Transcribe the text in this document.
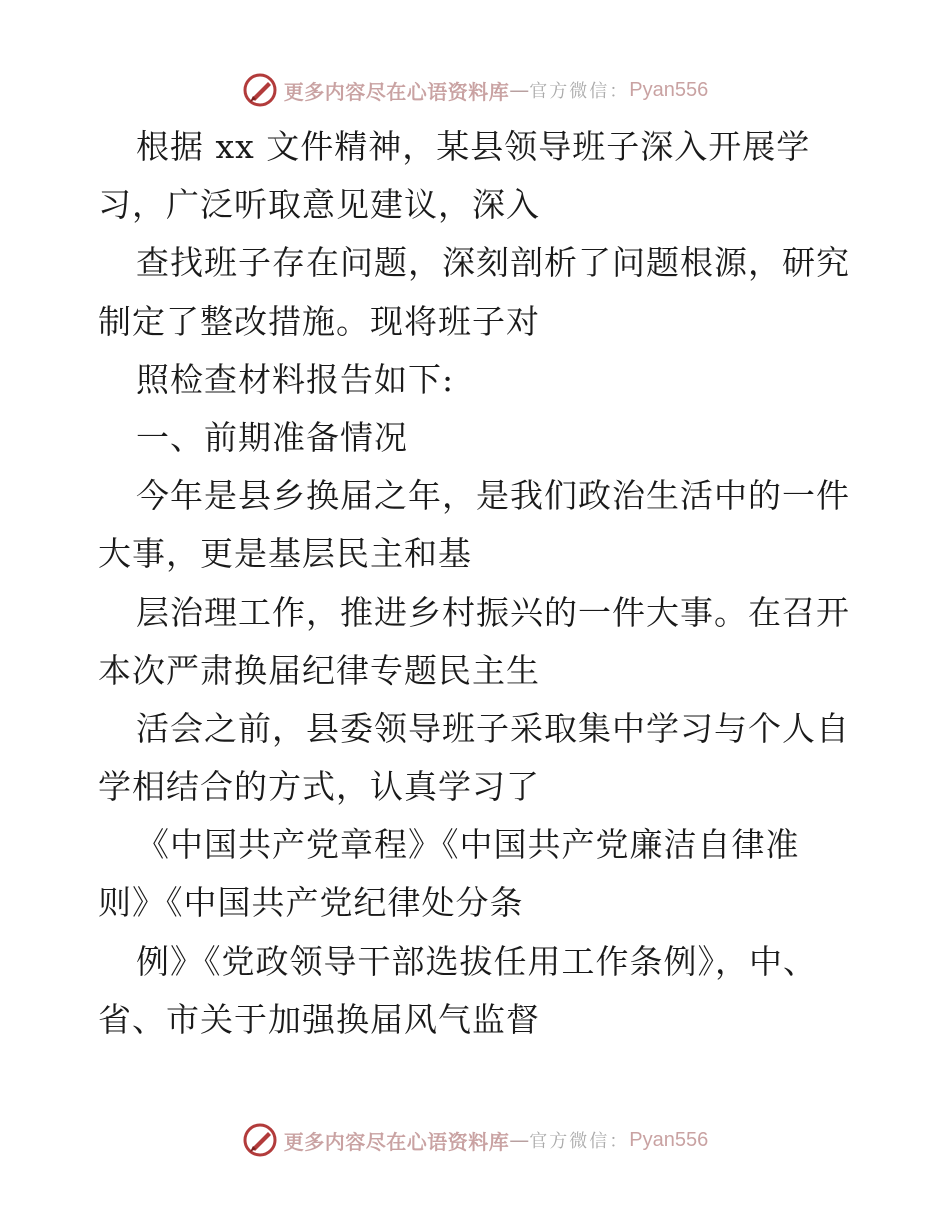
更多内容尽在心语资料库 — 官方微信： Pyan556
根据 xx 文件精神，某县领导班子深入开展学
习，广泛听取意见建议，深入
查找班子存在问题，深刻剖析了问题根源，研究
制定了整改措施。现将班子对
照检查材料报告如下:
一、前期准备情况
今年是县乡换届之年，是我们政治生活中的一件
大事，更是基层民主和基
层治理工作，推进乡村振兴的一件大事。在召开
本次严肃换届纪律专题民主生
活会之前，县委领导班子采取集中学习与个人自
学相结合的方式，认真学习了
《中国共产党章程》《中国共产党廉洁自律准
则》《中国共产党纪律处分条
例》《党政领导干部选拔任用工作条例》，中、
省、市关于加强换届风气监督
更多内容尽在心语资料库 — 官方微信： Pyan556
